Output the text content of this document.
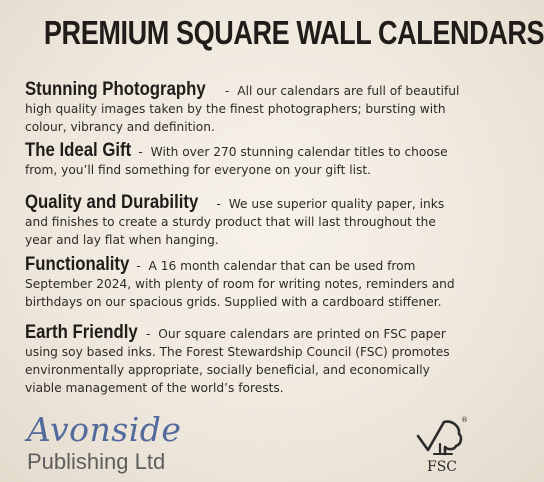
PREMIUM SQUARE WALL CALENDARS
Stunning Photography - All our calendars are full of beautiful high quality images taken by the finest photographers; bursting with colour, vibrancy and definition.
The Ideal Gift - With over 270 stunning calendar titles to choose from, you’ll find something for everyone on your gift list.
Quality and Durability - We use superior quality paper, inks and finishes to create a sturdy product that will last throughout the year and lay flat when hanging.
Functionality - A 16 month calendar that can be used from September 2024, with plenty of room for writing notes, reminders and birthdays on our spacious grids. Supplied with a cardboard stiffener.
Earth Friendly - Our square calendars are printed on FSC paper using soy based inks. The Forest Stewardship Council (FSC) promotes environmentally appropriate, socially beneficial, and economically viable management of the world’s forests.
Avonside
Publishing Ltd
®
FSC
